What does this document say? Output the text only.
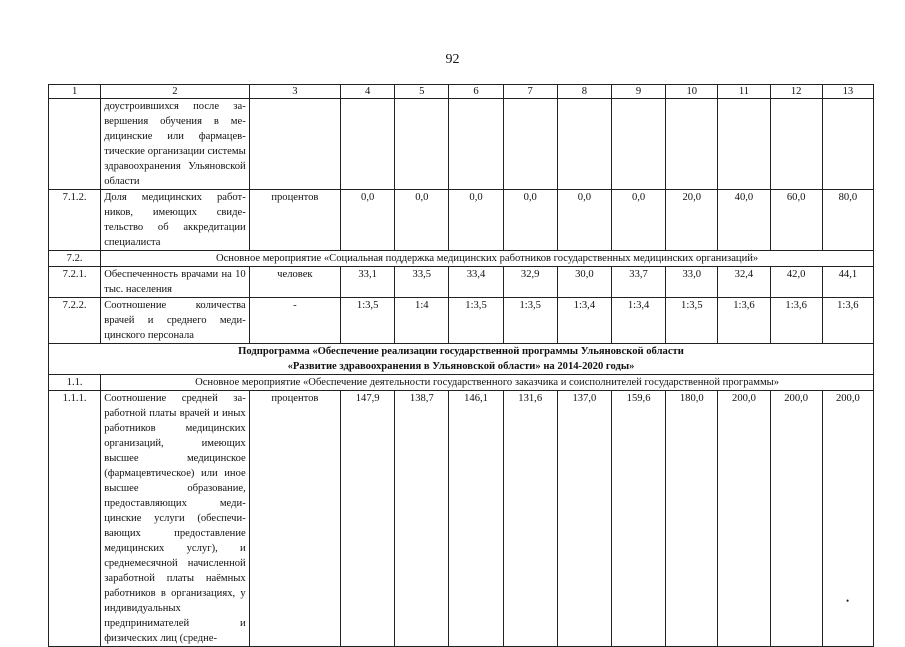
92
1	2	3	4	5	6	7	8	9	10	11	12	13
	доустроившихся после завершения обучения в медицинские или фармацевтические организации системы здравоохранения Ульяновской области											
7.1.2.	Доля медицинских работников, имеющих свидетельство об аккредитации специалиста	процентов	0,0	0,0	0,0	0,0	0,0	0,0	20,0	40,0	60,0	80,0
7.2.	Основное мероприятие «Социальная поддержка медицинских работников государственных медицинских организаций»											
7.2.1.	Обеспеченность врачами на 10 тыс. населения	человек	33,1	33,5	33,4	32,9	30,0	33,7	33,0	32,4	42,0	44,1
7.2.2.	Соотношение количества врачей и среднего медицинского персонала	-	1:3,5	1:4	1:3,5	1:3,5	1:3,4	1:3,4	1:3,5	1:3,6	1:3,6	1:3,6

Подпрограмма «Обеспечение реализации государственной программы Ульяновской области
«Развитие здравоохранения в Ульяновской области» на 2014-2020 годы»												

1.1.	Основное мероприятие «Обеспечение деятельности государственного заказчика и соисполнителей государственной программы»											
1.1.1.	Соотношение средней заработной платы врачей и иных работников медицинских организаций, имеющих высшее медицинское (фармацевтическое) или иное высшее образование, предоставляющих медицинские услуги (обеспечивающих предоставление медицинских услуг), и среднемесячной начисленной заработной платы наёмных работников в организациях, у индивидуальных предпринимателей и физических лиц (средне-	процентов	147,9	138,7	146,1	131,6	137,0	159,6	180,0	200,0	200,0	200,0
•
